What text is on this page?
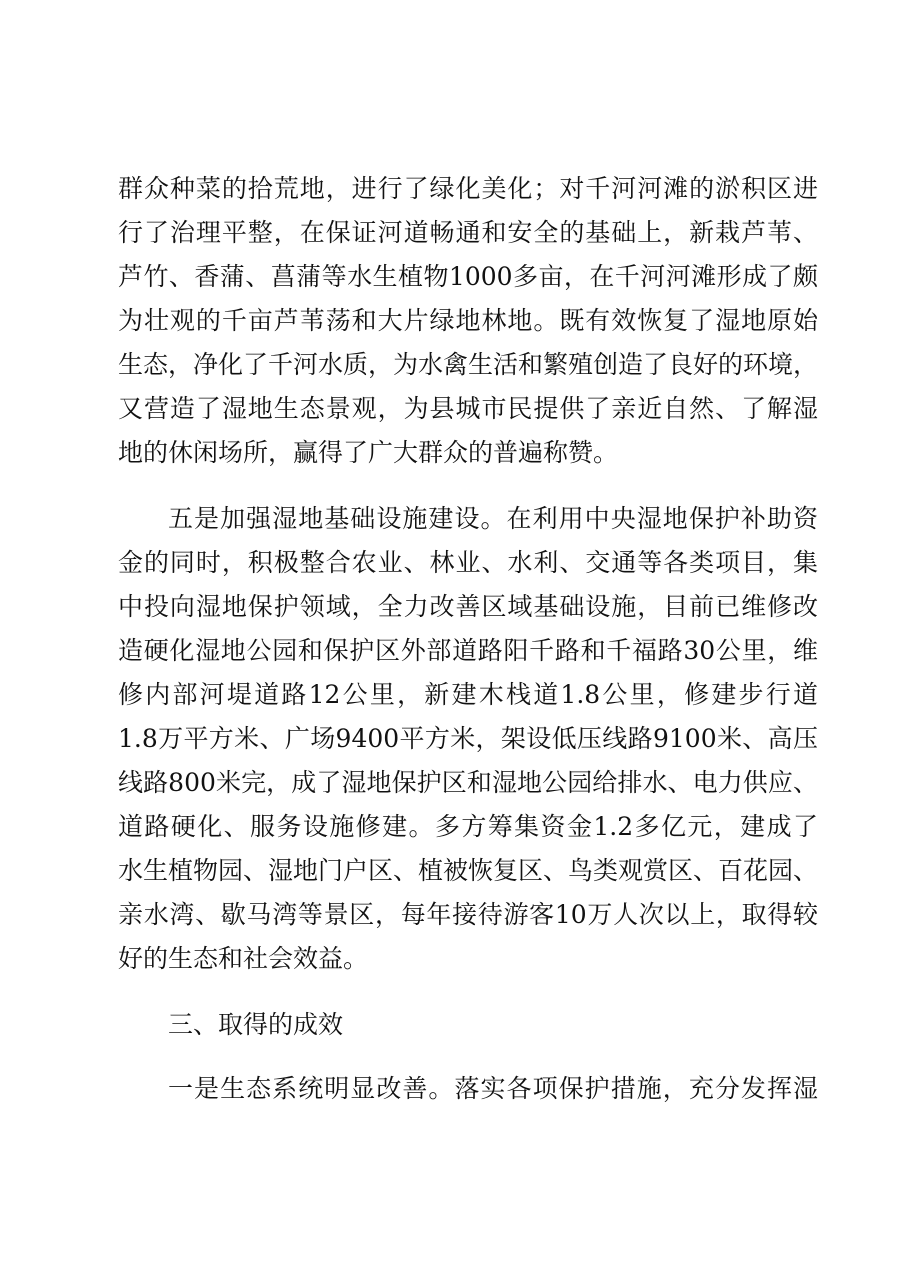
群众种菜的拾荒地，进行了绿化美化；对千河河滩的淤积区进
行了治理平整，在保证河道畅通和安全的基础上，新栽芦苇、
芦竹、香蒲、菖蒲等水生植物1000多亩，在千河河滩形成了颇
为壮观的千亩芦苇荡和大片绿地林地。既有效恢复了湿地原始
生态，净化了千河水质，为水禽生活和繁殖创造了良好的环境，
又营造了湿地生态景观，为县城市民提供了亲近自然、了解湿
地的休闲场所，赢得了广大群众的普遍称赞。
五是加强湿地基础设施建设。在利用中央湿地保护补助资
金的同时，积极整合农业、林业、水利、交通等各类项目，集
中投向湿地保护领域，全力改善区域基础设施，目前已维修改
造硬化湿地公园和保护区外部道路阳千路和千福路30公里，维
修内部河堤道路12公里，新建木栈道1.8公里，修建步行道
1.8万平方米、广场9400平方米，架设低压线路9100米、高压
线路800米完，成了湿地保护区和湿地公园给排水、电力供应、
道路硬化、服务设施修建。多方筹集资金1.2多亿元，建成了
水生植物园、湿地门户区、植被恢复区、鸟类观赏区、百花园、
亲水湾、歇马湾等景区，每年接待游客10万人次以上，取得较
好的生态和社会效益。
三、取得的成效
一是生态系统明显改善。落实各项保护措施，充分发挥湿
